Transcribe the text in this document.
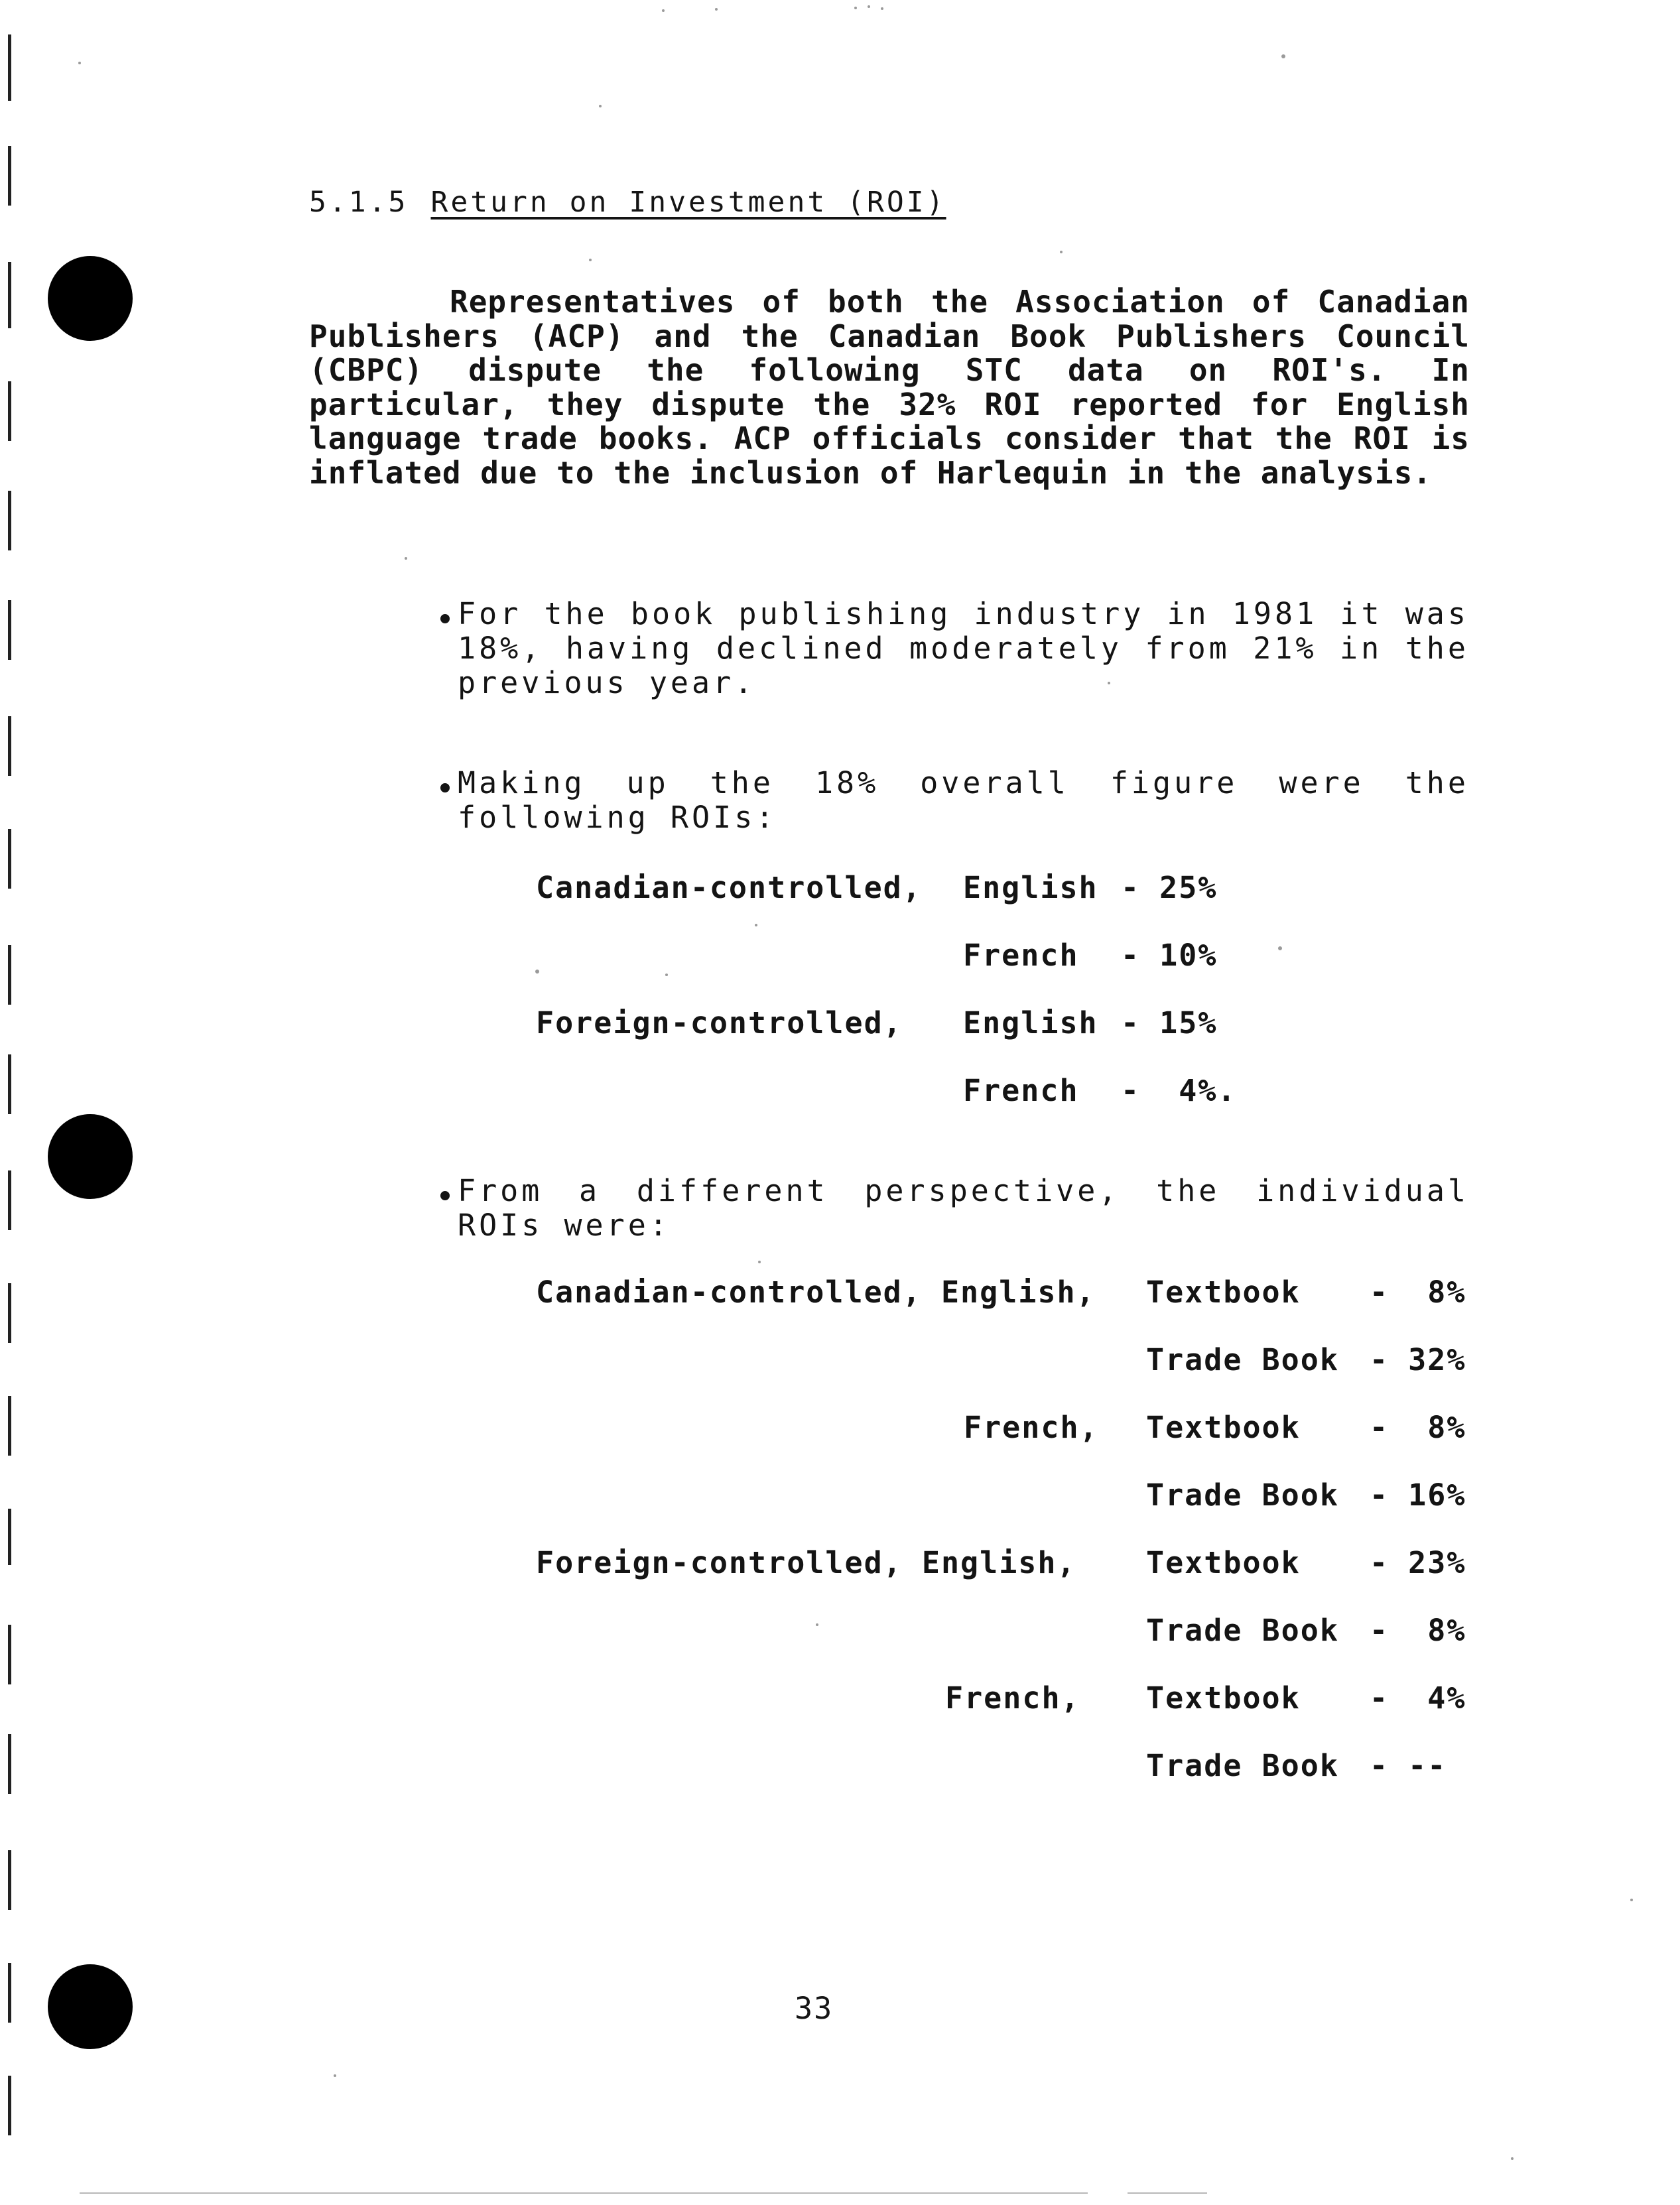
5.1.5 Return on Investment (ROI)
Representatives of both the Association of Canadian Publishers (ACP) and the Canadian Book Publishers Council (CBPC) dispute the following STC data on ROI's. In particular, they dispute the 32% ROI reported for English language trade books. ACP officials consider that the ROI is inflated due to the inclusion of Harlequin in the analysis.
For the book publishing industry in 1981 it was 18%, having declined moderately from 21% in the previous year.
Making up the 18% overall figure were the following ROIs:
Canadian-controlled, English - 25%
French - 10%
Foreign-controlled, English - 15%
French -  4%.
From a different perspective, the individual ROIs were:
Canadian-controlled, English, Textbook -  8%
Trade Book - 32%
French, Textbook -  8%
Trade Book - 16%
Foreign-controlled, English, Textbook - 23%
Trade Book -  8%
French, Textbook -  4%
Trade Book - --
33
